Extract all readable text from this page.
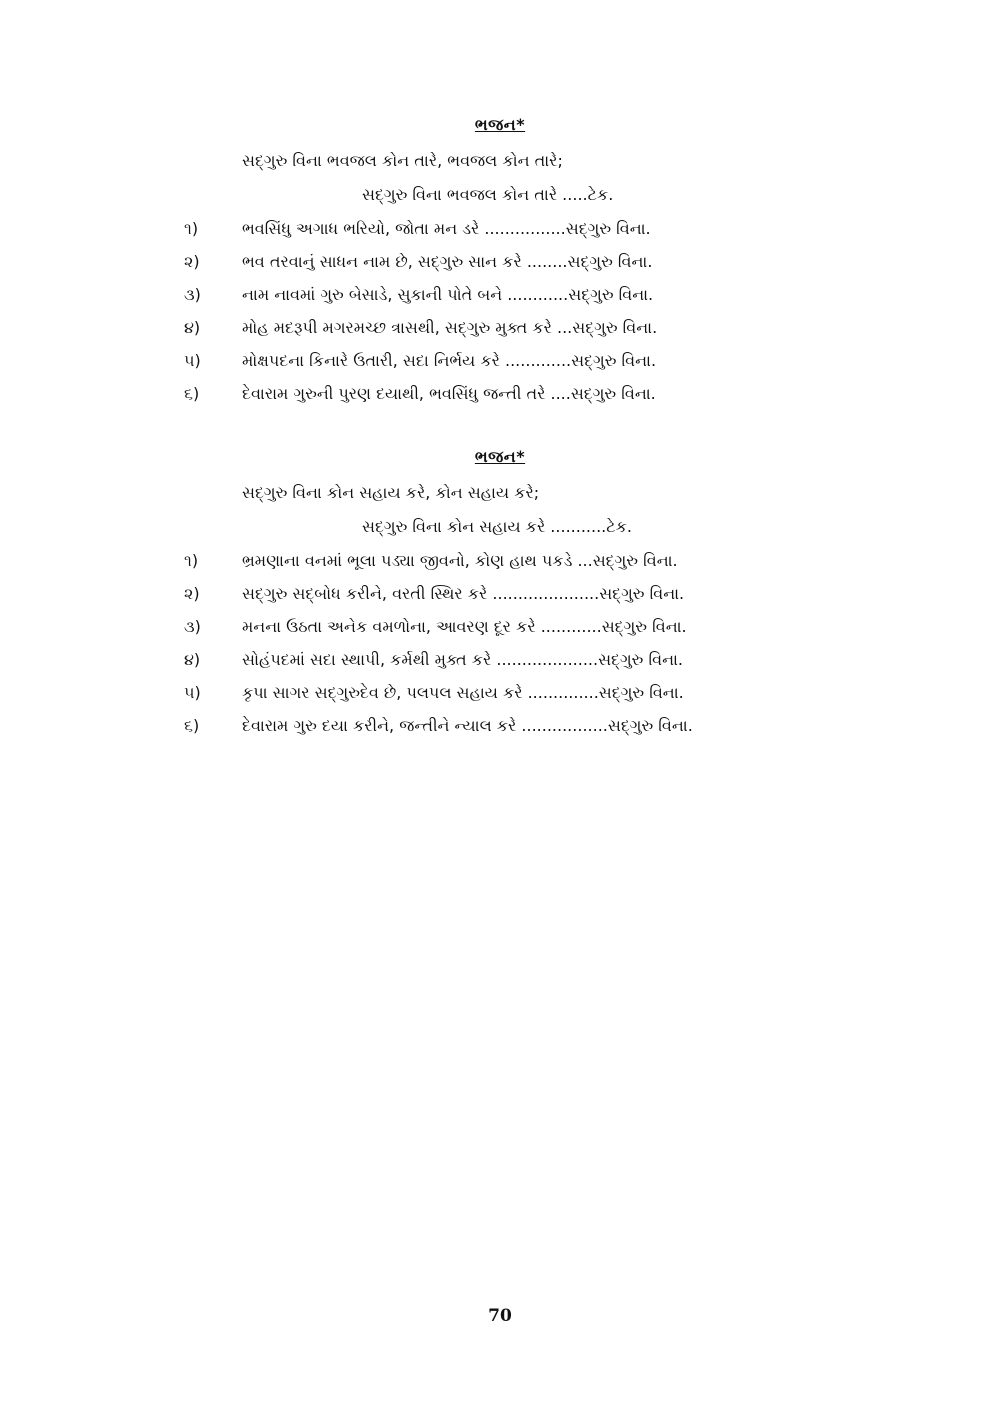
ભજન*
સદ્‌ગુરુ વિના ભવજલ કોન તારે, ભવજલ કોન તારે;
સદ્‌ગુરુ વિના ભવજલ કોન તારે .....ટેક.
૧)	ભવસિંધુ અગાધ ભરિયો, જોતા મન ડરે ................સદ્‌ગુરુ વિના.
૨)	ભવ તરવાનું સાધન નામ છે, સદ્‌ગુરુ સાન કરે ........સદ્‌ગુરુ વિના.
૩)	નામ નાવમાં ગુરુ બેસાડે, સુકાની પોતે બને ............સદ્‌ગુરુ વિના.
૪)	મોહ મદરૂપી મગરમચ્છ ત્રાસથી, સદ્‌ગુરુ મુક્ત કરે ...સદ્‌ગુરુ વિના.
૫)	મોક્ષપદના કિનારે ઉતારી, સદા નિર્ભય કરે .............સદ્‌ગુરુ વિના.
૬)	દેવારામ ગુરુની પુરણ દયાથી, ભવસિંધુ જન્તી તરે ....સદ્‌ગુરુ વિના.
ભજન*
સદ્‌ગુરુ વિના કોન સહાય કરે, કોન સહાય કરે;
સદ્‌ગુરુ વિના કોન સહાય કરે ...........ટેક.
૧)	ભ્રમણાના વનમાં ભૂલા પડ્યા જીવનો, કોણ હાથ પકડે ...સદ્‌ગુરુ વિના.
૨)	સદ્‌ગુરુ સદ્‌બોધ કરીને, વરતી સ્થિર કરે .....................સદ્‌ગુરુ વિના.
૩)	મનના ઉઠતા અનેક વમળોના, આવરણ દૂર કરે ............સદ્‌ગુરુ વિના.
૪)	સોહંપદમાં સદા સ્થાપી, કર્મથી મુક્ત કરે ....................સદ્‌ગુરુ વિના.
૫)	કૃપા સાગર સદ્‌ગુરુદેવ છે, પલપલ સહાય કરે ..............સદ્‌ગુરુ વિના.
૬)	દેવારામ ગુરુ દયા કરીને, જન્તીને ન્યાલ કરે .................સદ્‌ગુરુ વિના.
70
